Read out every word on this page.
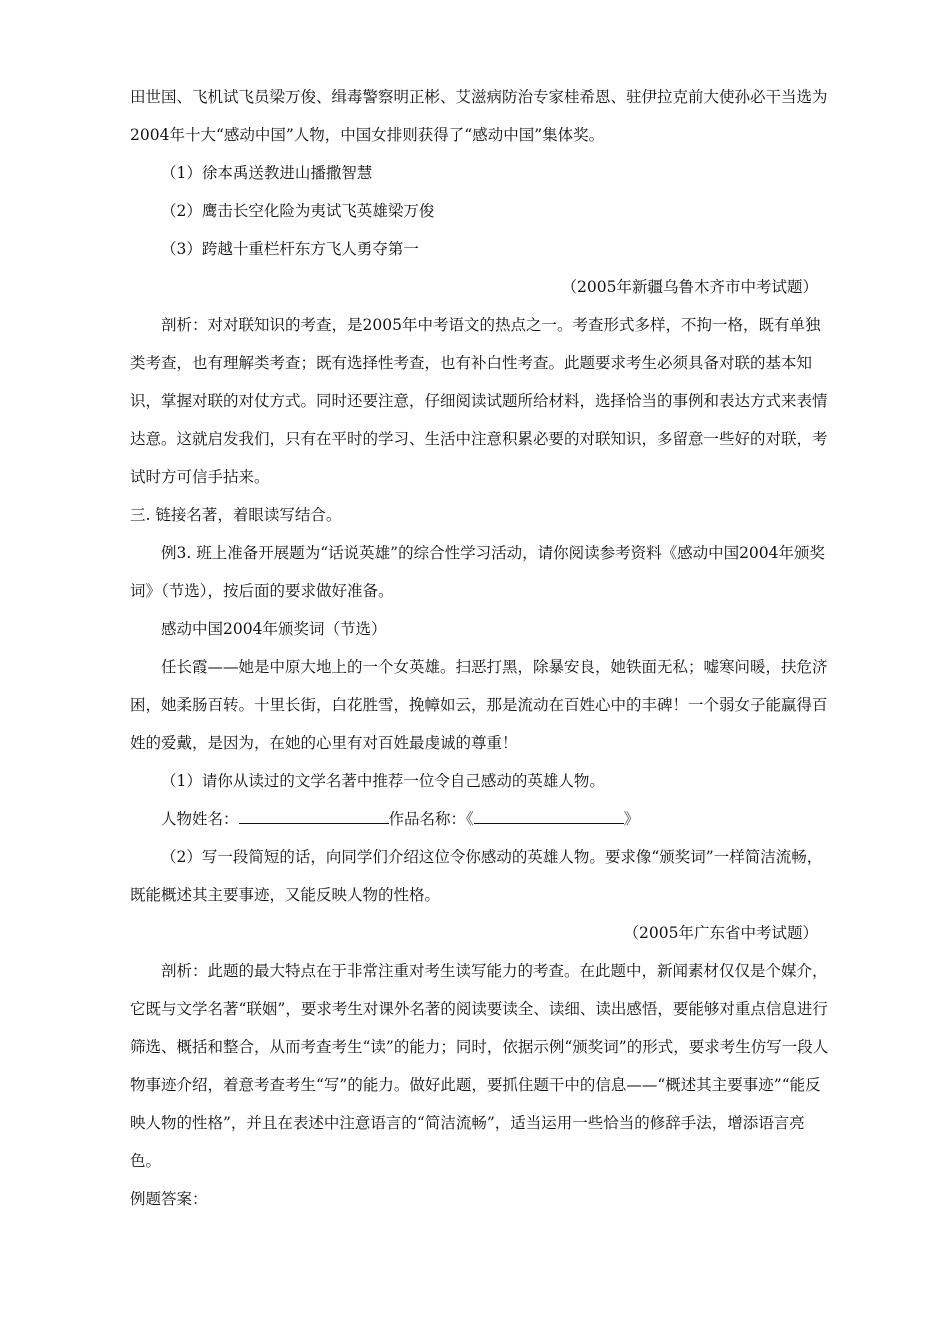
田世国、飞机试飞员梁万俊、缉毒警察明正彬、艾滋病防治专家桂希恩、驻伊拉克前大使孙必干当选为2004年十大“感动中国”人物，中国女排则获得了“感动中国”集体奖。

（1）徐本禹送教进山播撒智慧

（2）鹰击长空化险为夷试飞英雄梁万俊

（3）跨越十重栏杆东方飞人勇夺第一

（2005年新疆乌鲁木齐市中考试题）

剖析：对对联知识的考查，是2005年中考语文的热点之一。考查形式多样，不拘一格，既有单独类考查，也有理解类考查；既有选择性考查，也有补白性考查。此题要求考生必须具备对联的基本知识，掌握对联的对仗方式。同时还要注意，仔细阅读试题所给材料，选择恰当的事例和表达方式来表情达意。这就启发我们，只有在平时的学习、生活中注意积累必要的对联知识，多留意一些好的对联，考试时方可信手拈来。

三. 链接名著，着眼读写结合。

例3. 班上准备开展题为“话说英雄”的综合性学习活动，请你阅读参考资料《感动中国2004年颁奖词》（节选），按后面的要求做好准备。

感动中国2004年颁奖词（节选）

任长霞——她是中原大地上的一个女英雄。扫恶打黑，除暴安良，她铁面无私；嘘寒问暖，扶危济困，她柔肠百转。十里长街，白花胜雪，挽幛如云，那是流动在百姓心中的丰碑！一个弱女子能赢得百姓的爱戴，是因为，在她的心里有对百姓最虔诚的尊重！

（1）请你从读过的文学名著中推荐一位令自己感动的英雄人物。

人物姓名：	作品名称：《	》

（2）写一段简短的话，向同学们介绍这位令你感动的英雄人物。要求像“颁奖词”一样简洁流畅，既能概述其主要事迹，又能反映人物的性格。

（2005年广东省中考试题）

剖析：此题的最大特点在于非常注重对考生读写能力的考查。在此题中，新闻素材仅仅是个媒介，它既与文学名著“联姻”，要求考生对课外名著的阅读要读全、读细、读出感悟，要能够对重点信息进行筛选、概括和整合，从而考查考生“读”的能力；同时，依据示例“颁奖词”的形式，要求考生仿写一段人物事迹介绍，着意考查考生“写”的能力。做好此题，要抓住题干中的信息——“概述其主要事迹”“能反映人物的性格”，并且在表述中注意语言的“简洁流畅”，适当运用一些恰当的修辞手法，增添语言亮色。

例题答案：
